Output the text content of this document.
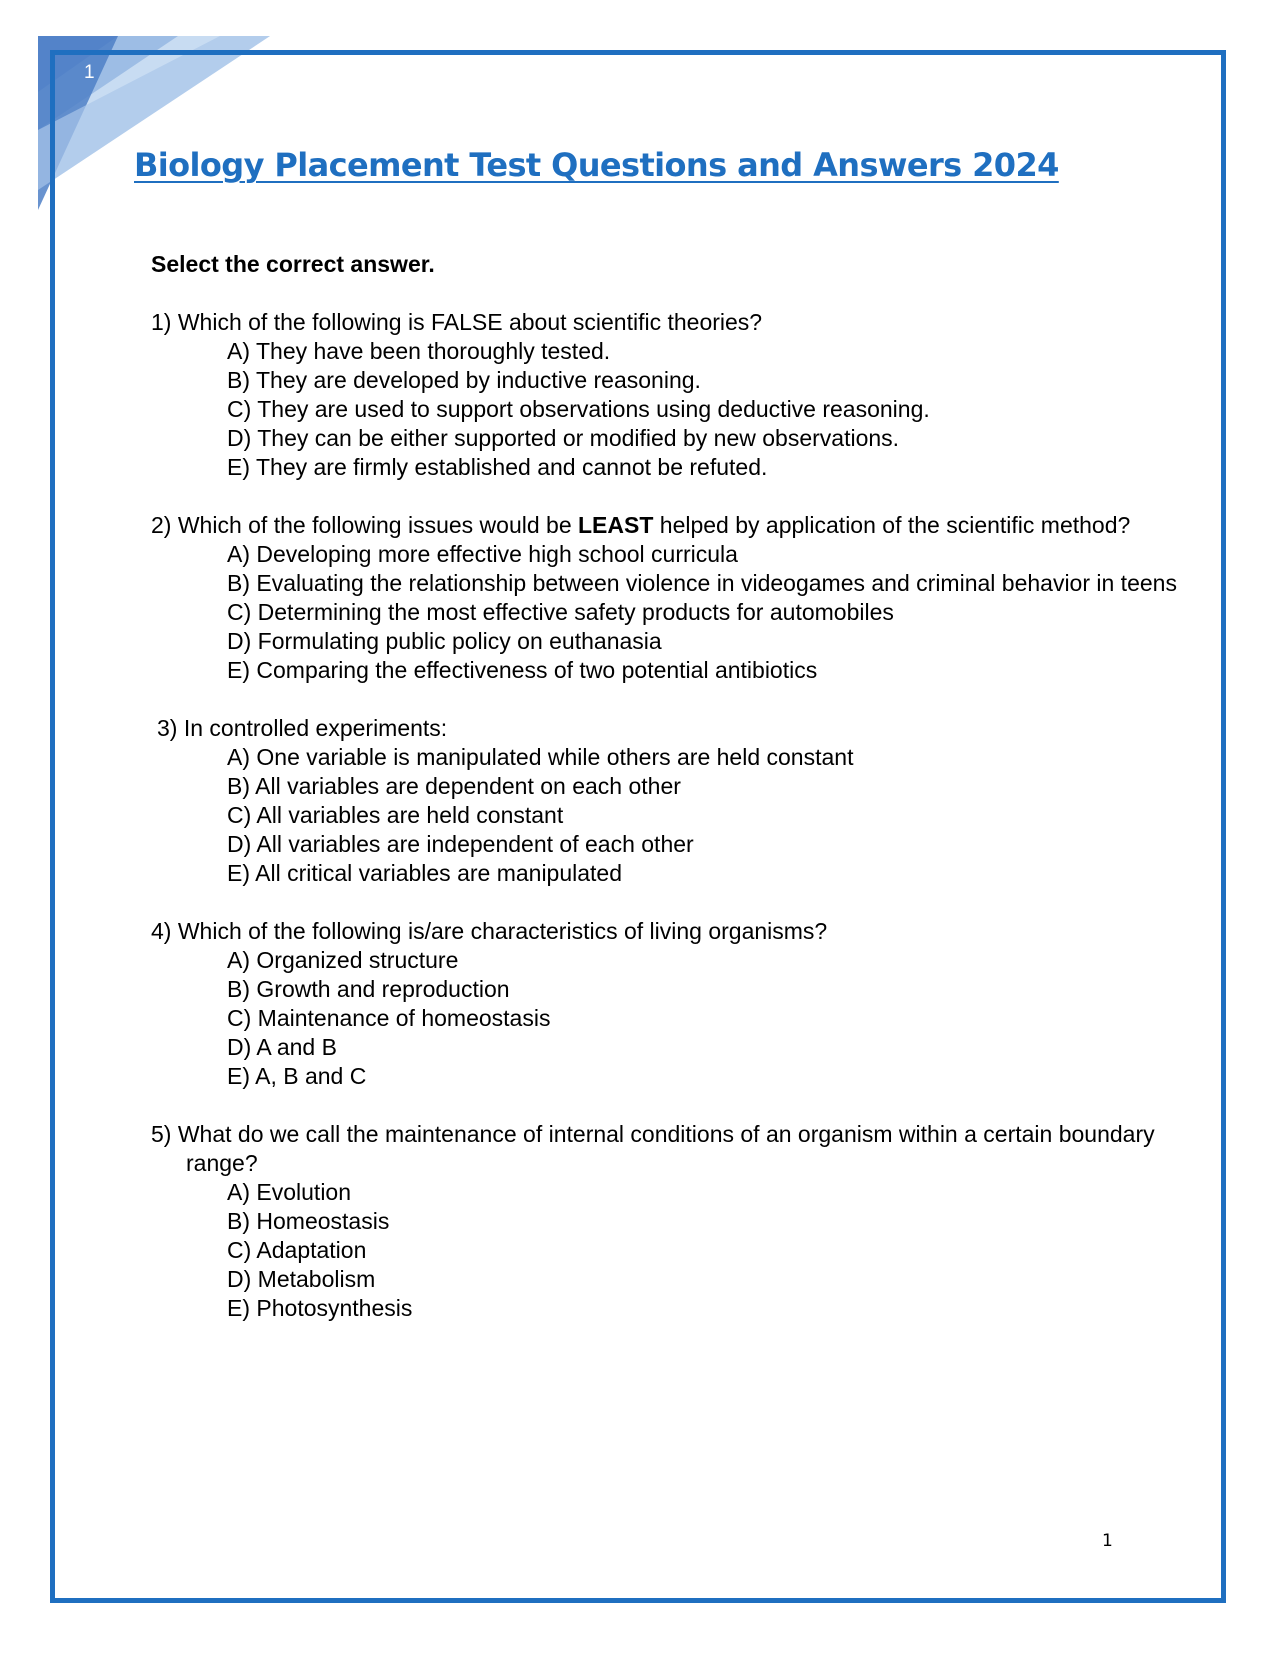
1
Biology Placement Test Questions and Answers 2024

Select the correct answer.

1) Which of the following is FALSE about scientific theories?

A) They have been thoroughly tested.

B) They are developed by inductive reasoning.

C) They are used to support observations using deductive reasoning.

D) They can be either supported or modified by new observations.

E) They are firmly established and cannot be refuted.

2) Which of the following issues would be LEAST helped by application of the scientific method?

A) Developing more effective high school curricula

B) Evaluating the relationship between violence in videogames and criminal behavior in teens

C) Determining the most effective safety products for automobiles

D) Formulating public policy on euthanasia

E) Comparing the effectiveness of two potential antibiotics

3) In controlled experiments:

A) One variable is manipulated while others are held constant

B) All variables are dependent on each other

C) All variables are held constant

D) All variables are independent of each other

E) All critical variables are manipulated

4) Which of the following is/are characteristics of living organisms?

A) Organized structure

B) Growth and reproduction

C) Maintenance of homeostasis

D) A and B

E) A, B and C

5) What do we call the maintenance of internal conditions of an organism within a certain boundary range?

A) Evolution

B) Homeostasis

C) Adaptation

D) Metabolism

E) Photosynthesis

1
